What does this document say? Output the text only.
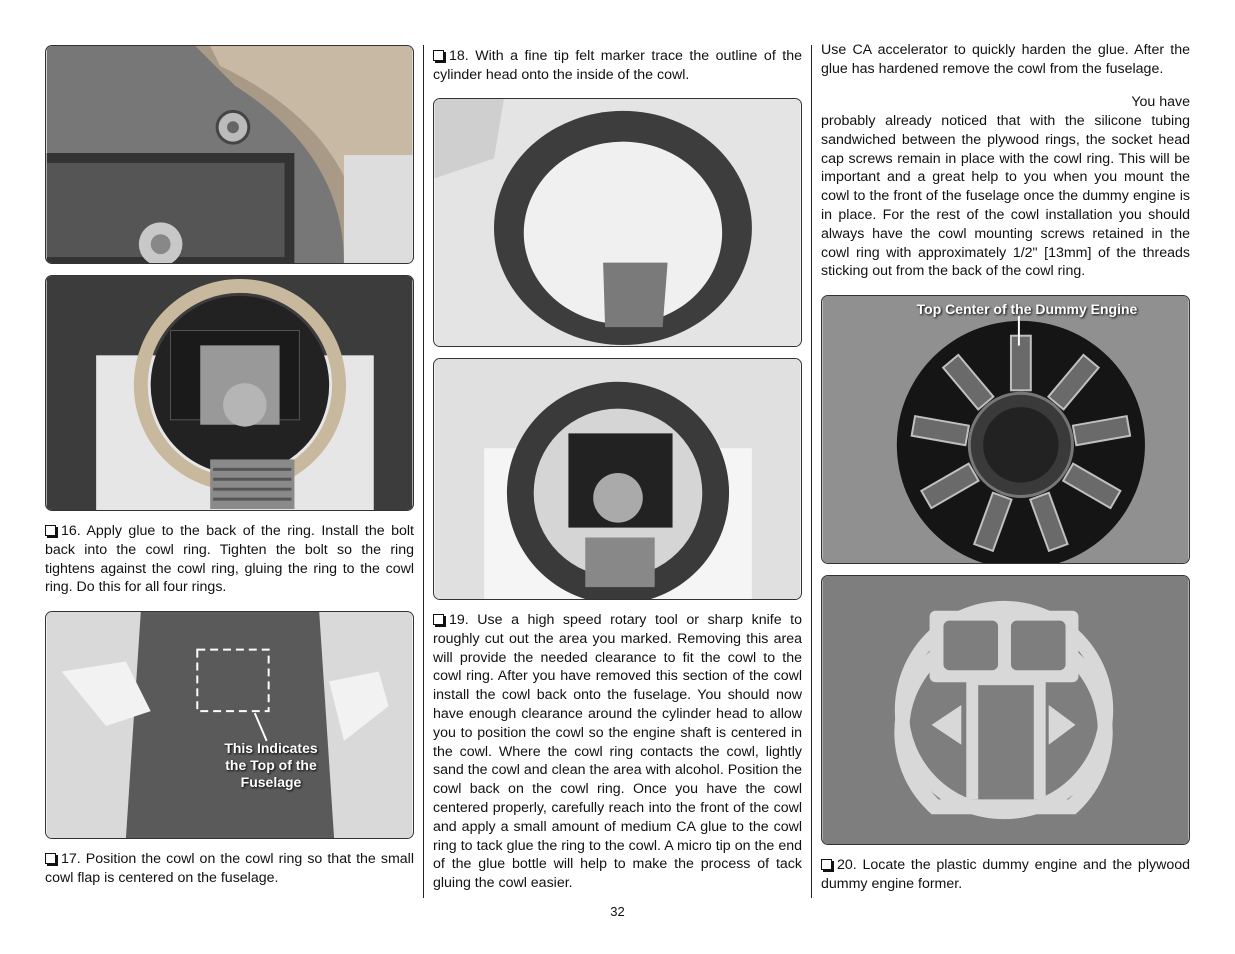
16. Apply glue to the back of the ring. Install the bolt back into the cowl ring. Tighten the bolt so the ring tightens against the cowl ring, gluing the ring to the cowl ring. Do this for all four rings.
This Indicates
the Top of the
Fuselage
17. Position the cowl on the cowl ring so that the small cowl flap is centered on the fuselage.
18. With a fine tip felt marker trace the outline of the cylinder head onto the inside of the cowl.
19. Use a high speed rotary tool or sharp knife to roughly cut out the area you marked. Removing this area will provide the needed clearance to fit the cowl to the cowl ring. After you have removed this section of the cowl install the cowl back onto the fuselage. You should now have enough clearance around the cylinder head to allow you to position the cowl so the engine shaft is centered in the cowl. Where the cowl ring contacts the cowl, lightly sand the cowl and clean the area with alcohol. Position the cowl back on the cowl ring. Once you have the cowl centered properly, carefully reach into the front of the cowl and apply a small amount of medium CA glue to the cowl ring to tack glue the ring to the cowl. A micro tip on the end of the glue bottle will help to make the process of tack gluing the cowl easier.
Use CA accelerator to quickly harden the glue. After the glue has hardened remove the cowl from the fuselage.
You have
probably already noticed that with the silicone tubing sandwiched between the plywood rings, the socket head cap screws remain in place with the cowl ring. This will be important and a great help to you when you mount the cowl to the front of the fuselage once the dummy engine is in place. For the rest of the cowl installation you should always have the cowl mounting screws retained in the cowl ring with approximately 1/2" [13mm] of the threads sticking out from the back of the cowl ring.
Top Center of the Dummy Engine
20. Locate the plastic dummy engine and the plywood dummy engine former.
32
